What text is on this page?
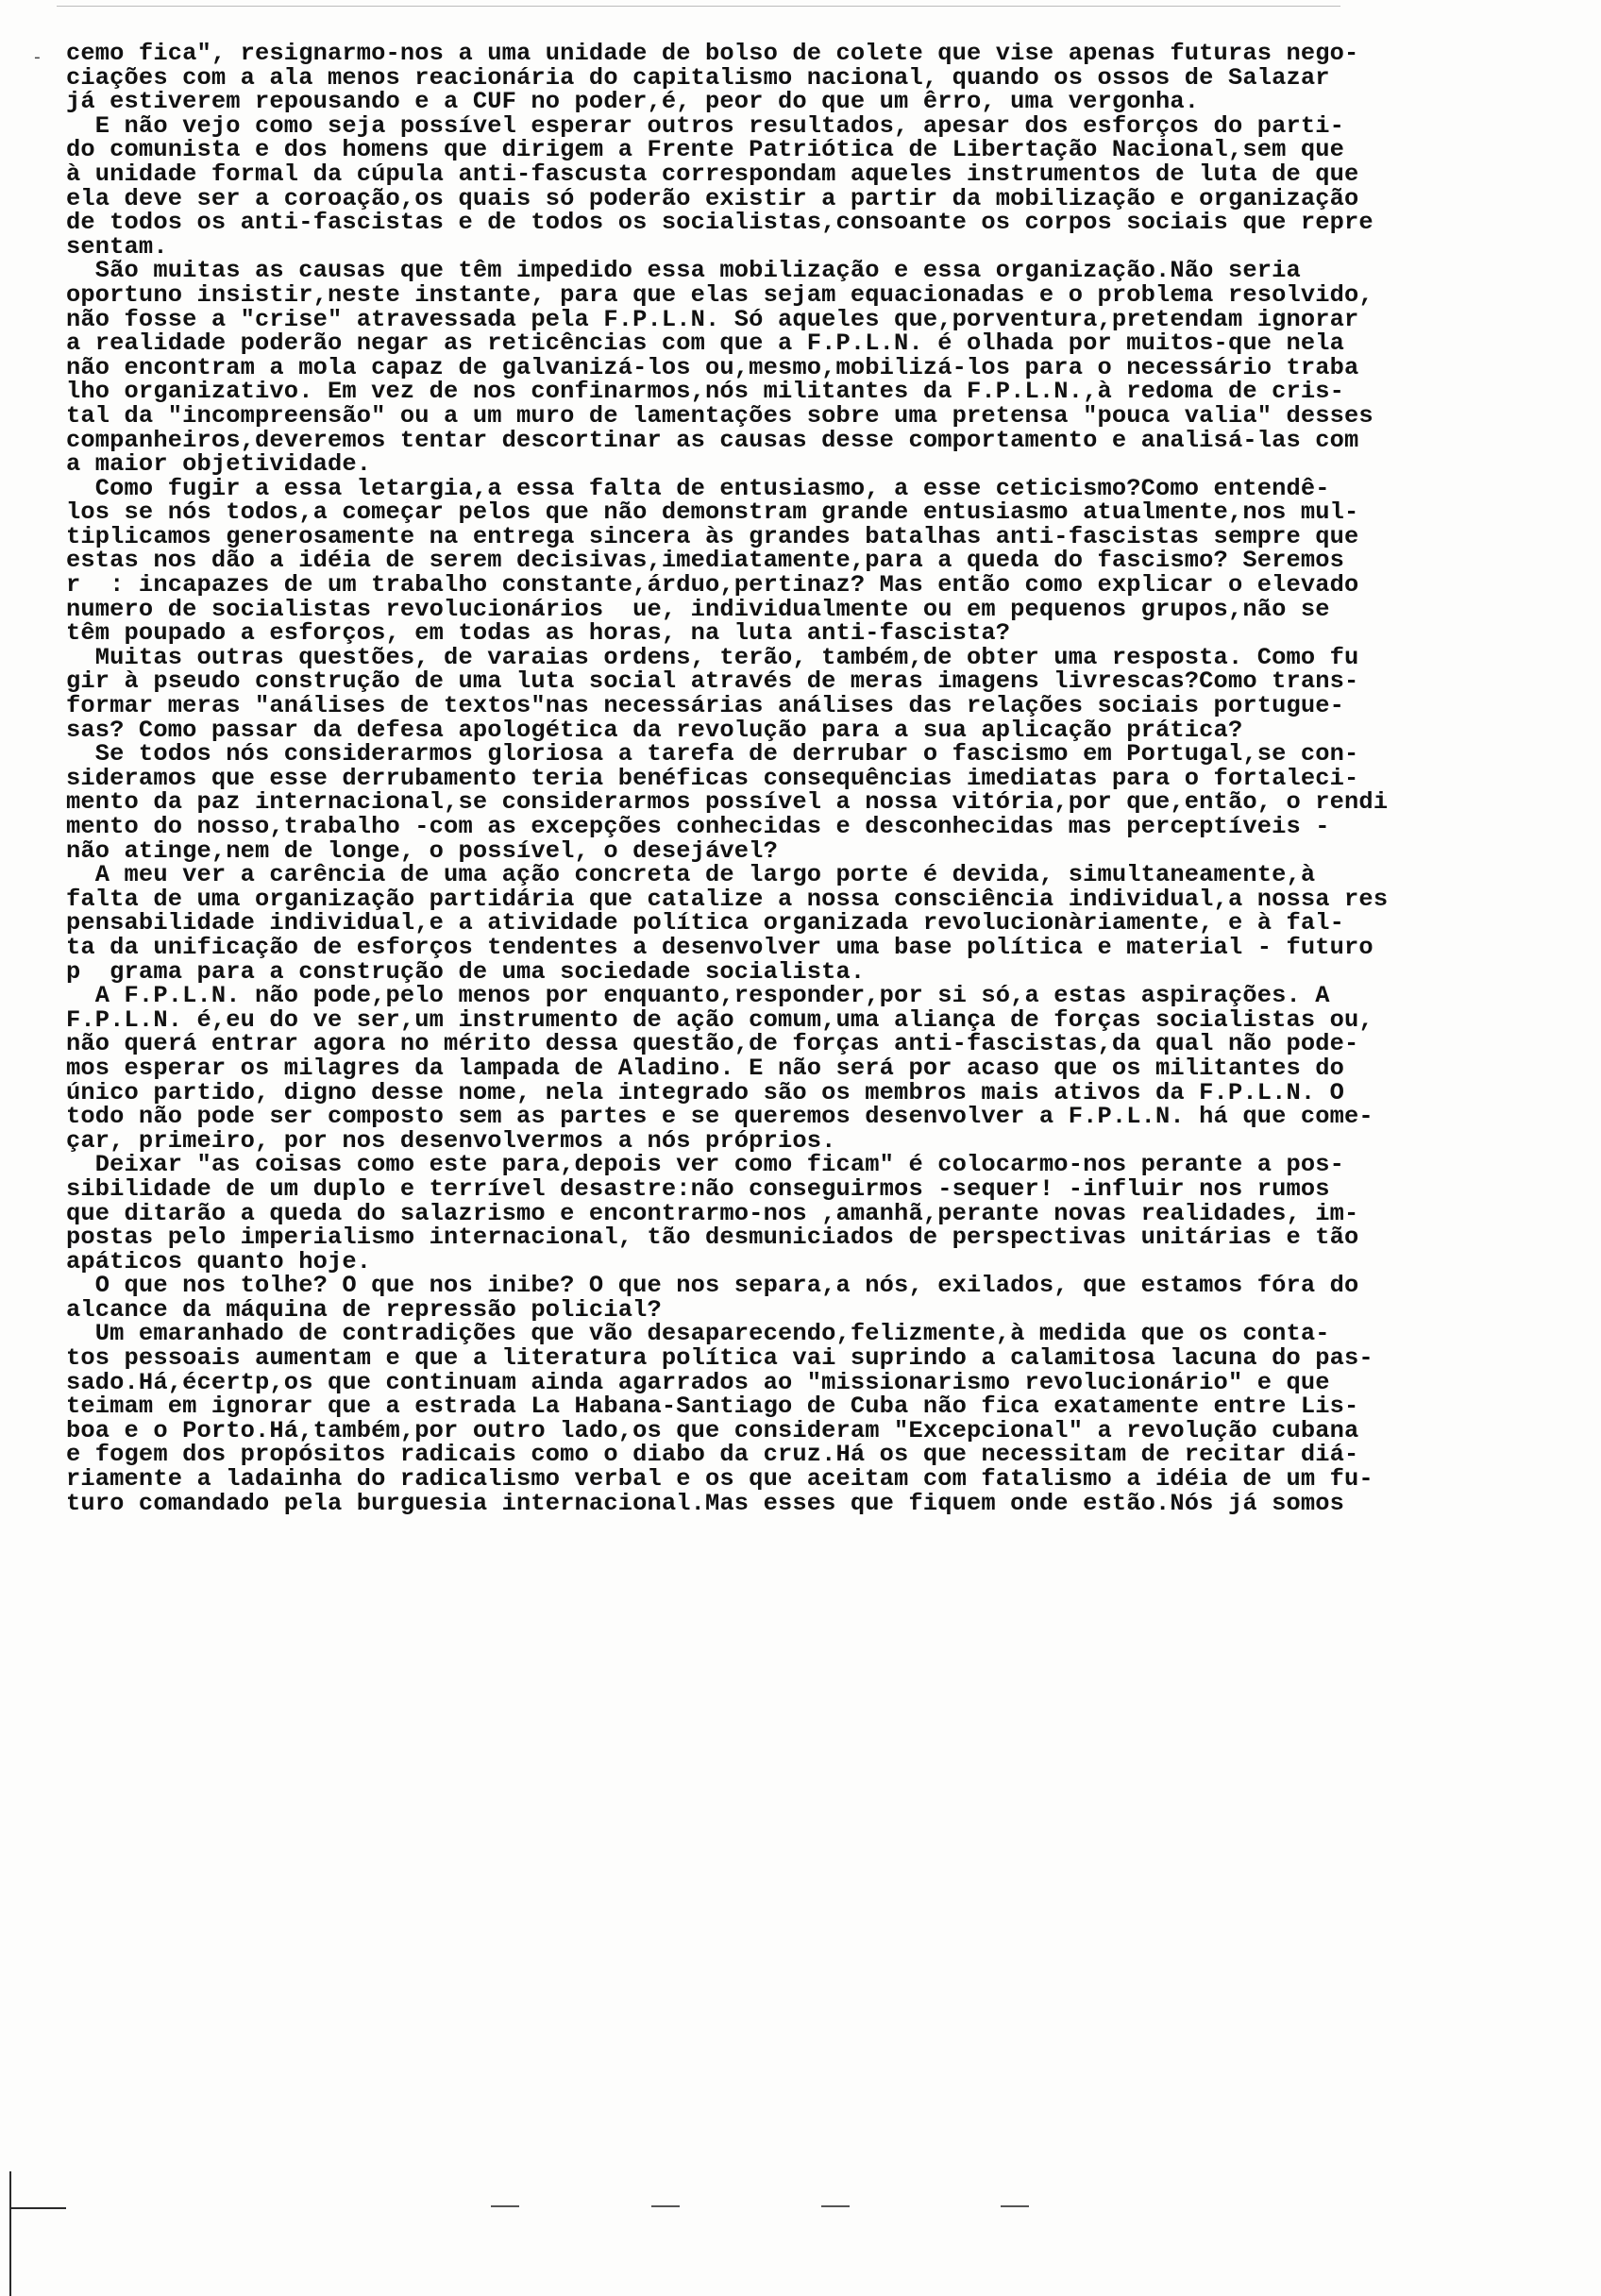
- cemo fica", resignarmo-nos a uma unidade de bolso de colete que vise apenas futuras nego-
ciações com a ala menos reacionária do capitalismo nacional, quando os ossos de Salazar
já estiverem repousando e a CUF no poder,é, peor do que um êrro, uma vergonha.
E não vejo como seja possível esperar outros resultados, apesar dos esforços do parti-
do comunista e dos homens que dirigem a Frente Patriótica de Libertação Nacional,sem que
à unidade formal da cúpula anti-fascusta correspondam aqueles instrumentos de luta de que
ela deve ser a coroação,os quais só poderão existir a partir da mobilização e organização
de todos os anti-fascistas e de todos os socialistas,consoante os corpos sociais que repre
sentam.
São muitas as causas que têm impedido essa mobilização e essa organização.Não seria
oportuno insistir,neste instante, para que elas sejam equacionadas e o problema resolvido,
não fosse a "crise" atravessada pela F.P.L.N. Só aqueles que,porventura,pretendam ignorar
a realidade poderão negar as reticências com que a F.P.L.N. é olhada por muitos-que nela
não encontram a mola capaz de galvanizá-los ou,mesmo,mobilizá-los para o necessário traba
lho organizativo. Em vez de nos confinarmos,nós militantes da F.P.L.N.,à redoma de cris-
tal da "incompreensão" ou a um muro de lamentações sobre uma pretensa "pouca valia" desses
companheiros,deveremos tentar descortinar as causas desse comportamento e analisá-las com
a maior objetividade.
Como fugir a essa letargia,a essa falta de entusiasmo, a esse ceticismo?Como entendê-
los se nós todos,a começar pelos que não demonstram grande entusiasmo atualmente,nos mul-
tiplicamos generosamente na entrega sincera às grandes batalhas anti-fascistas sempre que
estas nos dão a idéia de serem decisivas,imediatamente,para a queda do fascismo? Seremos
r  : incapazes de um trabalho constante,árduo,pertinaz? Mas então como explicar o elevado
numero de socialistas revolucionários  ue, individualmente ou em pequenos grupos,não se
têm poupado a esforços, em todas as horas, na luta anti-fascista?
Muitas outras questões, de varaias ordens, terão, também,de obter uma resposta. Como fu
gir à pseudo construção de uma luta social através de meras imagens livrescas?Como trans-
formar meras "análises de textos"nas necessárias análises das relações sociais portugue-
sas? Como passar da defesa apologética da revolução para a sua aplicação prática?
Se todos nós considerarmos gloriosa a tarefa de derrubar o fascismo em Portugal,se con-
sideramos que esse derrubamento teria benéficas consequências imediatas para o fortaleci-
mento da paz internacional,se considerarmos possível a nossa vitória,por que,então, o rendi
mento do nosso,trabalho -com as excepções conhecidas e desconhecidas mas perceptíveis -
não atinge,nem de longe, o possível, o desejável?
A meu ver a carência de uma ação concreta de largo porte é devida, simultaneamente,à
falta de uma organização partidária que catalize a nossa consciência individual,a nossa res
pensabilidade individual,e a atividade política organizada revolucionàriamente, e à fal-
ta da unificação de esforços tendentes a desenvolver uma base política e material - futuro
p  grama para a construção de uma sociedade socialista.
A F.P.L.N. não pode,pelo menos por enquanto,responder,por si só,a estas aspirações. A
F.P.L.N. é,eu do ve ser,um instrumento de ação comum,uma aliança de forças socialistas ou,
não querá entrar agora no mérito dessa questão,de forças anti-fascistas,da qual não pode-
mos esperar os milagres da lampada de Aladino. E não será por acaso que os militantes do
único partido, digno desse nome, nela integrado são os membros mais ativos da F.P.L.N. O
todo não pode ser composto sem as partes e se queremos desenvolver a F.P.L.N. há que come-
çar, primeiro, por nos desenvolvermos a nós próprios.
Deixar "as coisas como este para,depois ver como ficam" é colocarmo-nos perante a pos-
sibilidade de um duplo e terrível desastre:não conseguirmos -sequer! -influir nos rumos
que ditarão a queda do salazrismo e encontrarmo-nos ,amanhã,perante novas realidades, im-
postas pelo imperialismo internacional, tão desmuniciados de perspectivas unitárias e tão
apáticos quanto hoje.
O que nos tolhe? O que nos inibe? O que nos separa,a nós, exilados, que estamos fóra do
alcance da máquina de repressão policial?
Um emaranhado de contradições que vão desaparecendo,felizmente,à medida que os conta-
tos pessoais aumentam e que a literatura política vai suprindo a calamitosa lacuna do pas-
sado.Há,écertp,os que continuam ainda agarrados ao "missionarismo revolucionário" e que
teimam em ignorar que a estrada La Habana-Santiago de Cuba não fica exatamente entre Lis-
boa e o Porto.Há,também,por outro lado,os que consideram "Excepcional" a revolução cubana
e fogem dos propósitos radicais como o diabo da cruz.Há os que necessitam de recitar diá-
riamente a ladainha do radicalismo verbal e os que aceitam com fatalismo a idéia de um fu-
turo comandado pela burguesia internacional.Mas esses que fiquem onde estão.Nós já somos
